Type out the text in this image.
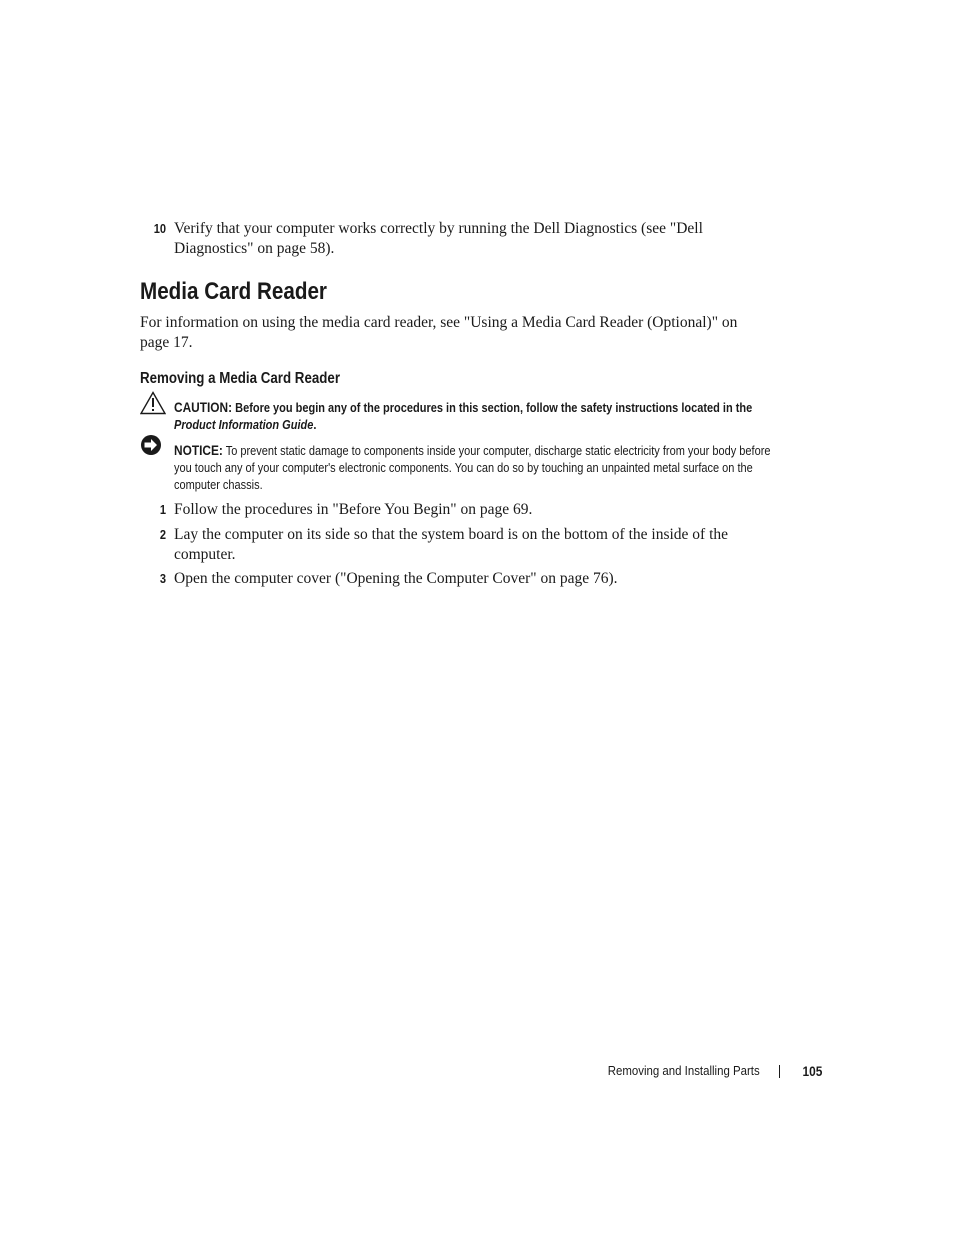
10 Verify that your computer works correctly by running the Dell Diagnostics (see "Dell Diagnostics" on page 58).
Media Card Reader
For information on using the media card reader, see "Using a Media Card Reader (Optional)" on page 17.
Removing a Media Card Reader
CAUTION: Before you begin any of the procedures in this section, follow the safety instructions located in the Product Information Guide.
NOTICE: To prevent static damage to components inside your computer, discharge static electricity from your body before you touch any of your computer's electronic components. You can do so by touching an unpainted metal surface on the computer chassis.
1 Follow the procedures in "Before You Begin" on page 69.
2 Lay the computer on its side so that the system board is on the bottom of the inside of the computer.
3 Open the computer cover ("Opening the Computer Cover" on page 76).
Removing and Installing Parts	105
